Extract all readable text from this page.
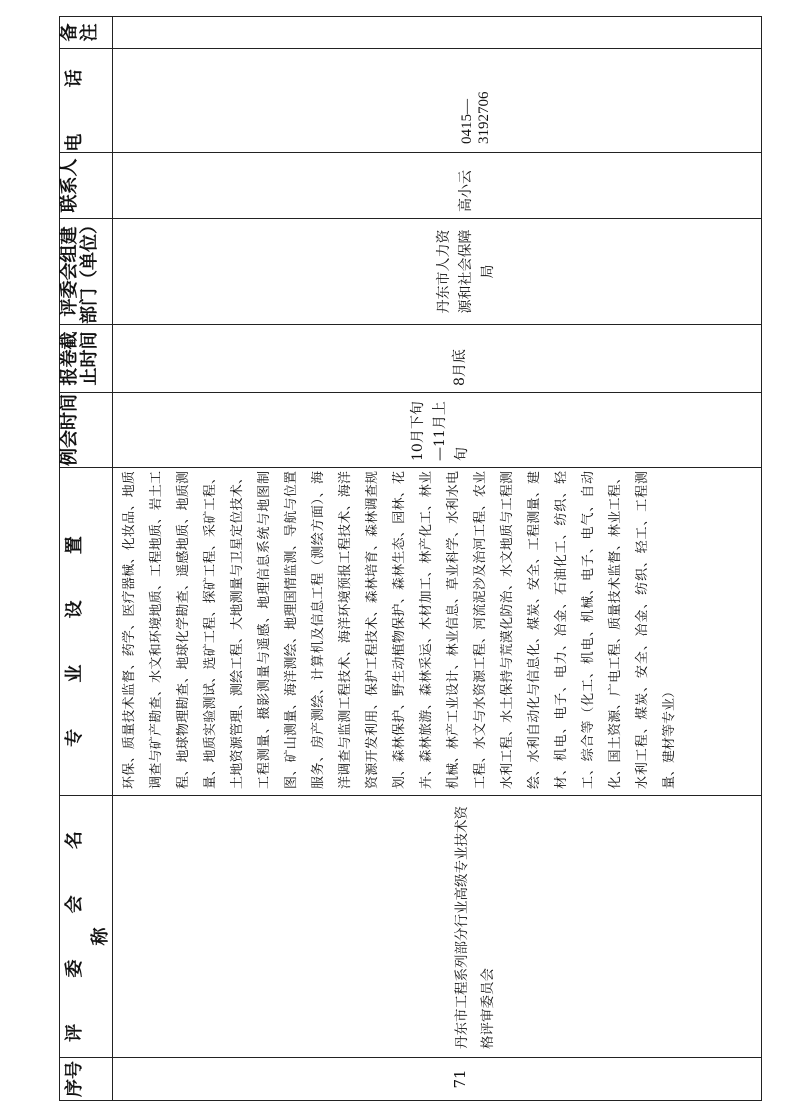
序号	评 委 会 名 称	专 业 设 置	例会时间	报卷截止时间	评委会组建部门（单位）	联系人	电 话	备注

71	丹东市工程系列部分行业高级专业技术资格评审委员会	环保、质量技术监督、药学、医疗器械、化妆品、地质调查与矿产勘查、水文和环境地质、工程地质、岩土工程、地球物理勘查、地球化学勘查、遥感地质、地质测量、地质实验测试、选矿工程、探矿工程、采矿工程、土地资源管理、测绘工程、大地测量与卫星定位技术、工程测量、摄影测量与遥感、地理信息系统与地图制图、矿山测量、海洋测绘、地理国情监测、导航与位置服务、房产测绘、计算机及信息工程（测绘方面）、海洋调查与监测工程技术、海洋环境预报工程技术、海洋资源开发利用、保护工程技术、森林培育、森林调查规划、森林保护、野生动植物保护、森林生态、园林、花卉、森林旅游、森林采运、木材加工、林产化工、林业机械、林产工业设计、林业信息、草业科学、水利水电工程、水文与水资源工程、河流泥沙及治河工程、农业水利工程、水土保持与荒漠化防治、水文地质与工程测绘、水利自动化与信息化、煤炭、安全、工程测量、建材、机电、电子、电力、冶金、石油化工、纺织、轻工、综合等（化工、机电、机械、电子、电气、自动化、国土资源、广电工程、质量技术监督、林业工程、水利工程、煤炭、安全、冶金、纺织、轻工、工程测量、建材等专业）	10月下旬—11月上旬	8月底	丹东市人力资源和社会保障局	高小云	0415—3192706	
